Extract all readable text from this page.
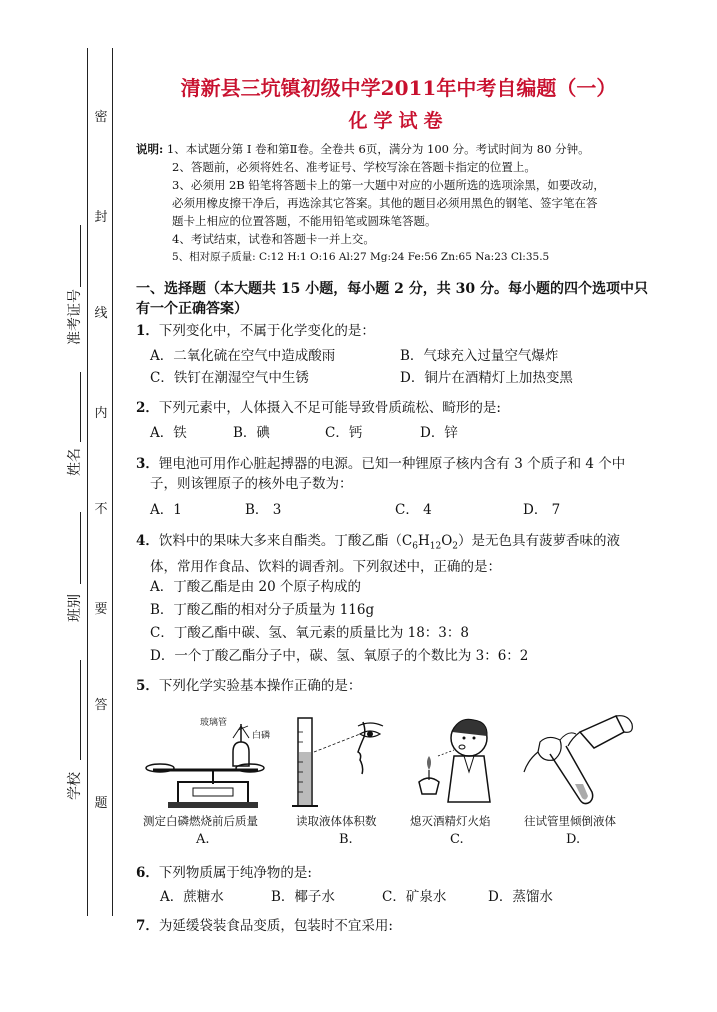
密
封
线
内
不
要
答
题
准考证号
姓名
班别
学校
清新县三坑镇初级中学2011年中考自编题（一）
化学试卷
说明: 1、本试题分第 I 卷和第Ⅱ卷。全卷共 6页，满分为 100 分。考试时间为 80 分钟。
2、答题前，必须将姓名、准考证号、学校写涂在答题卡指定的位置上。
3、必须用 2B 铅笔将答题卡上的第一大题中对应的小题所选的选项涂黑，如要改动，
必须用橡皮擦干净后，再选涂其它答案。其他的题目必须用黑色的钢笔、签字笔在答
题卡上相应的位置答题，不能用铅笔或圆珠笔答题。
4、考试结束，试卷和答题卡一并上交。
5、相对原子质量: C:12 H:1 O:16 Al:27 Mg:24 Fe:56 Zn:65 Na:23 Cl:35.5
一、选择题（本大题共 15 小题，每小题 2 分，共 30 分。每小题的四个选项中只
有一个正确答案）
1．下列变化中，不属于化学变化的是：
A．二氧化硫在空气中造成酸雨	B．气球充入过量空气爆炸
C．铁钉在潮湿空气中生锈	D．铜片在酒精灯上加热变黑
2．下列元素中，人体摄入不足可能导致骨质疏松、畸形的是:
A．铁	B．碘	C．钙	D．锌
3．锂电池可用作心脏起搏器的电源。已知一种锂原子核内含有 3 个质子和 4 个中
子，则该锂原子的核外电子数为：
A．1	B． 3	C． 4	D． 7
4．饮料中的果味大多来自酯类。丁酸乙酯$(C_6H_{12}O_2)$是无色具有菠萝香味的液
体，常用作食品、饮料的调香剂。下列叙述中，正确的是：
A．丁酸乙酯是由 20 个原子构成的
B．丁酸乙酯的相对分子质量为 116g
C．丁酸乙酯中碳、氢、氧元素的质量比为 18：3：8
D．一个丁酸乙酯分子中，碳、氢、氧原子的个数比为 3：6：2
5．下列化学实验基本操作正确的是：
玻璃管
白磷
测定白磷燃烧前后质量	读取液体体积数	熄灭酒精灯火焰	往试管里倾倒液体
A.	B.	C.	D.
6．下列物质属于纯净物的是:
A．蔗糖水	B．椰子水	C．矿泉水	D．蒸馏水
7．为延缓袋装食品变质，包装时不宜采用:
